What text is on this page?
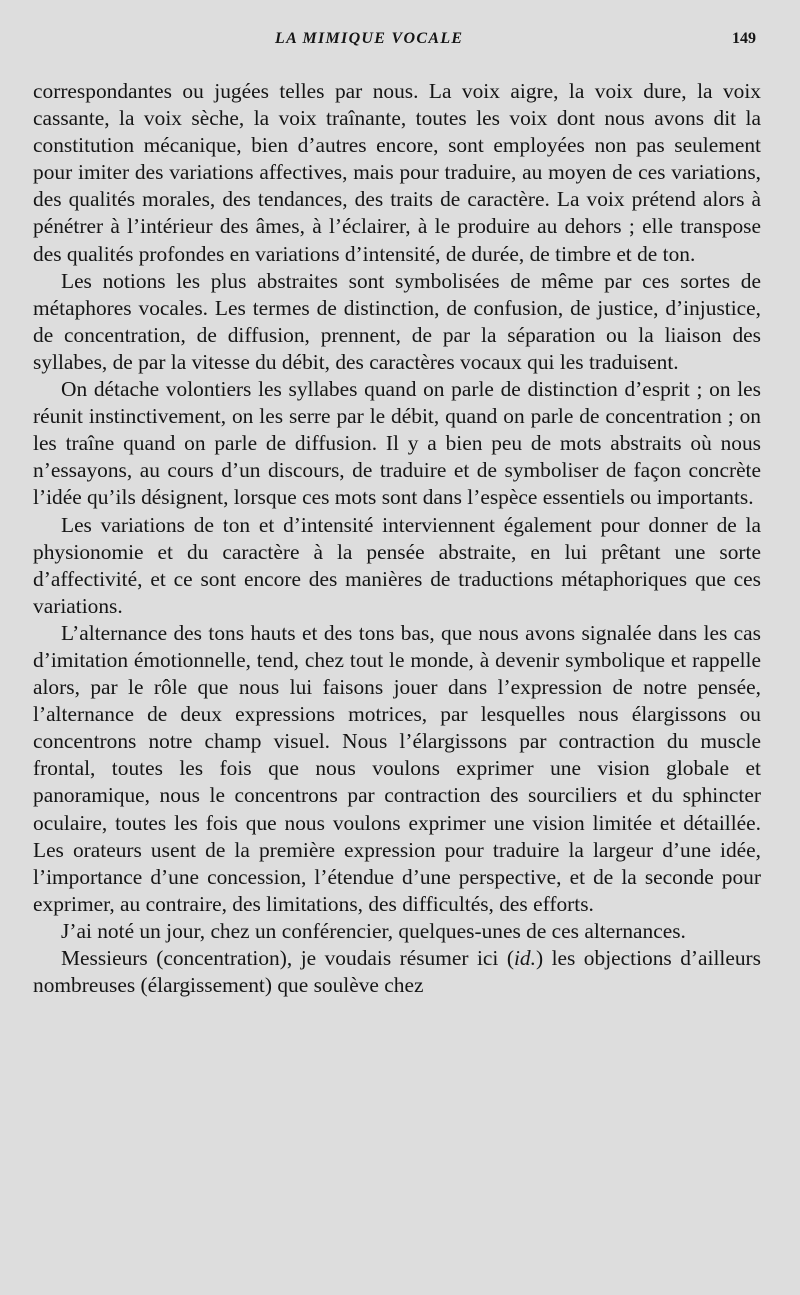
LA MIMIQUE VOCALE	149

correspondantes ou jugées telles par nous. La voix aigre, la voix dure, la voix cassante, la voix sèche, la voix traînante, toutes les voix dont nous avons dit la constitution mécanique, bien d’autres encore, sont employées non pas seulement pour imiter des variations affectives, mais pour traduire, au moyen de ces variations, des qualités morales, des tendances, des traits de caractère. La voix prétend alors à pénétrer à l’intérieur des âmes, à l’éclairer, à le produire au dehors ; elle transpose des qualités profondes en variations d’intensité, de durée, de timbre et de ton.

Les notions les plus abstraites sont symbolisées de même par ces sortes de métaphores vocales. Les termes de distinction, de confusion, de justice, d’injustice, de concentration, de diffusion, prennent, de par la séparation ou la liaison des syllabes, de par la vitesse du débit, des caractères vocaux qui les traduisent.

On détache volontiers les syllabes quand on parle de distinction d’esprit ; on les réunit instinctivement, on les serre par le débit, quand on parle de concentration ; on les traîne quand on parle de diffusion. Il y a bien peu de mots abstraits où nous n’essayons, au cours d’un discours, de traduire et de symboliser de façon concrète l’idée qu’ils désignent, lorsque ces mots sont dans l’espèce essentiels ou importants.

Les variations de ton et d’intensité interviennent également pour donner de la physionomie et du caractère à la pensée abstraite, en lui prêtant une sorte d’affectivité, et ce sont encore des manières de traductions métaphoriques que ces variations.

L’alternance des tons hauts et des tons bas, que nous avons signalée dans les cas d’imitation émotionnelle, tend, chez tout le monde, à devenir symbolique et rappelle alors, par le rôle que nous lui faisons jouer dans l’expression de notre pensée, l’alternance de deux expressions motrices, par lesquelles nous élargissons ou concentrons notre champ visuel. Nous l’élargissons par contraction du muscle frontal, toutes les fois que nous voulons exprimer une vision globale et panoramique, nous le concentrons par contraction des sourciliers et du sphincter oculaire, toutes les fois que nous voulons exprimer une vision limitée et détaillée. Les orateurs usent de la première expression pour traduire la largeur d’une idée, l’importance d’une concession, l’étendue d’une perspective, et de la seconde pour exprimer, au contraire, des limitations, des difficultés, des efforts.

J’ai noté un jour, chez un conférencier, quelques-unes de ces alternances.

Messieurs (concentration), je voudais résumer ici (id.) les objections d’ailleurs nombreuses (élargissement) que soulève chez
